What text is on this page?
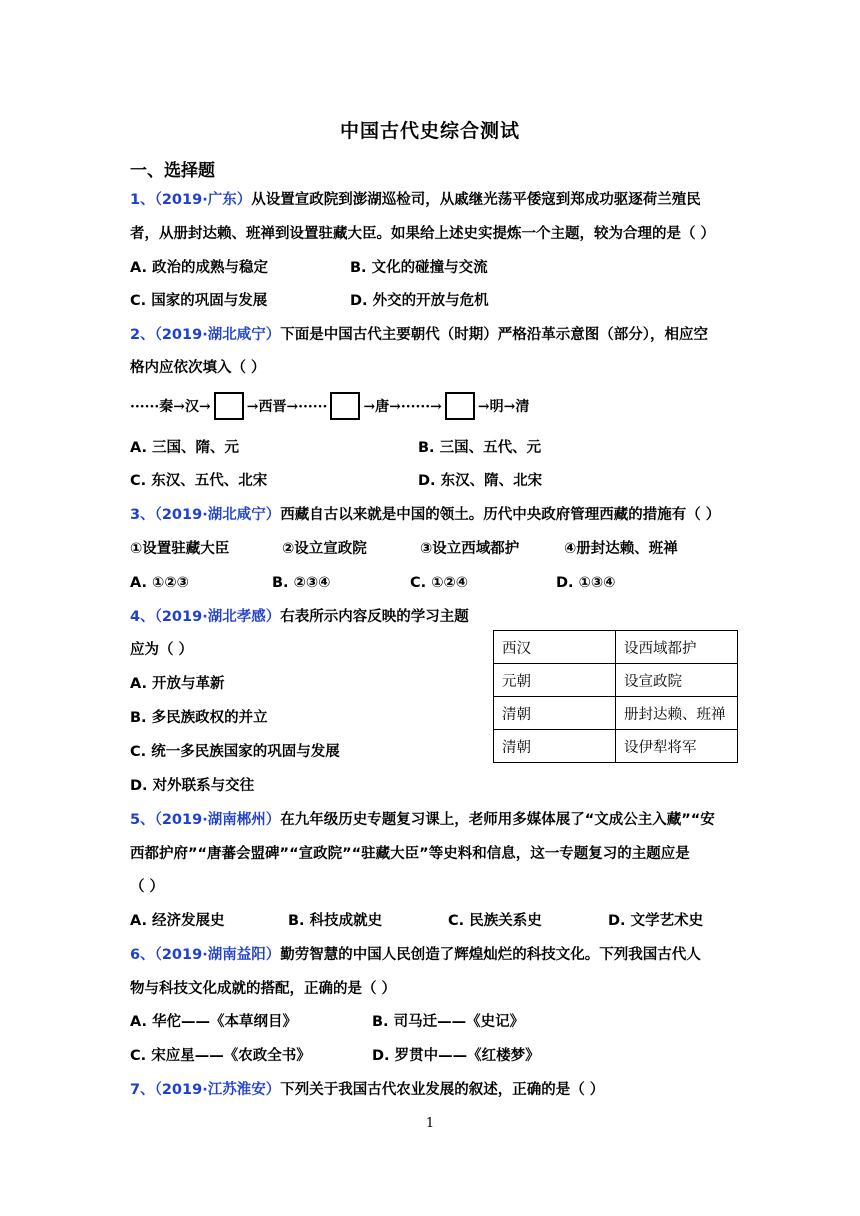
中国古代史综合测试
一、选择题
1、（2019·广东）从设置宣政院到澎湖巡检司，从戚继光荡平倭寇到郑成功驱逐荷兰殖民
者，从册封达赖、班禅到设置驻藏大臣。如果给上述史实提炼一个主题，较为合理的是（ ）
A. 政治的成熟与稳定	B. 文化的碰撞与交流
C. 国家的巩固与发展	D. 外交的开放与危机
2、（2019·湖北咸宁）下面是中国古代主要朝代（时期）严格沿革示意图（部分），相应空
格内应依次填入（ ）
······秦→汉→	→西晋→······	→唐→······→	→明→清
A. 三国、隋、元	B. 三国、五代、元
C. 东汉、五代、北宋	D. 东汉、隋、北宋
3、（2019·湖北咸宁）西藏自古以来就是中国的领土。历代中央政府管理西藏的措施有（ ）
①设置驻藏大臣	②设立宣政院	③设立西域都护	④册封达赖、班禅
A. ①②③	B. ②③④	C. ①②④	D. ①③④
4、（2019·湖北孝感）右表所示内容反映的学习主题
应为（ ）
A. 开放与革新
B. 多民族政权的并立
C. 统一多民族国家的巩固与发展
D. 对外联系与交往
西汉	设西域都护
元朝	设宣政院
清朝	册封达赖、班禅
清朝	设伊犁将军
5、（2019·湖南郴州）在九年级历史专题复习课上，老师用多媒体展了“文成公主入藏”“安
西都护府”“唐蕃会盟碑”“宣政院”“驻藏大臣”等史料和信息，这一专题复习的主题应是
（ ）
A. 经济发展史	B. 科技成就史	C. 民族关系史	D. 文学艺术史
6、（2019·湖南益阳）勤劳智慧的中国人民创造了辉煌灿烂的科技文化。下列我国古代人
物与科技文化成就的搭配，正确的是（ ）
A. 华佗——《本草纲目》	B. 司马迁——《史记》
C. 宋应星——《农政全书》	D. 罗贯中——《红楼梦》
7、（2019·江苏淮安）下列关于我国古代农业发展的叙述，正确的是（ ）
1
